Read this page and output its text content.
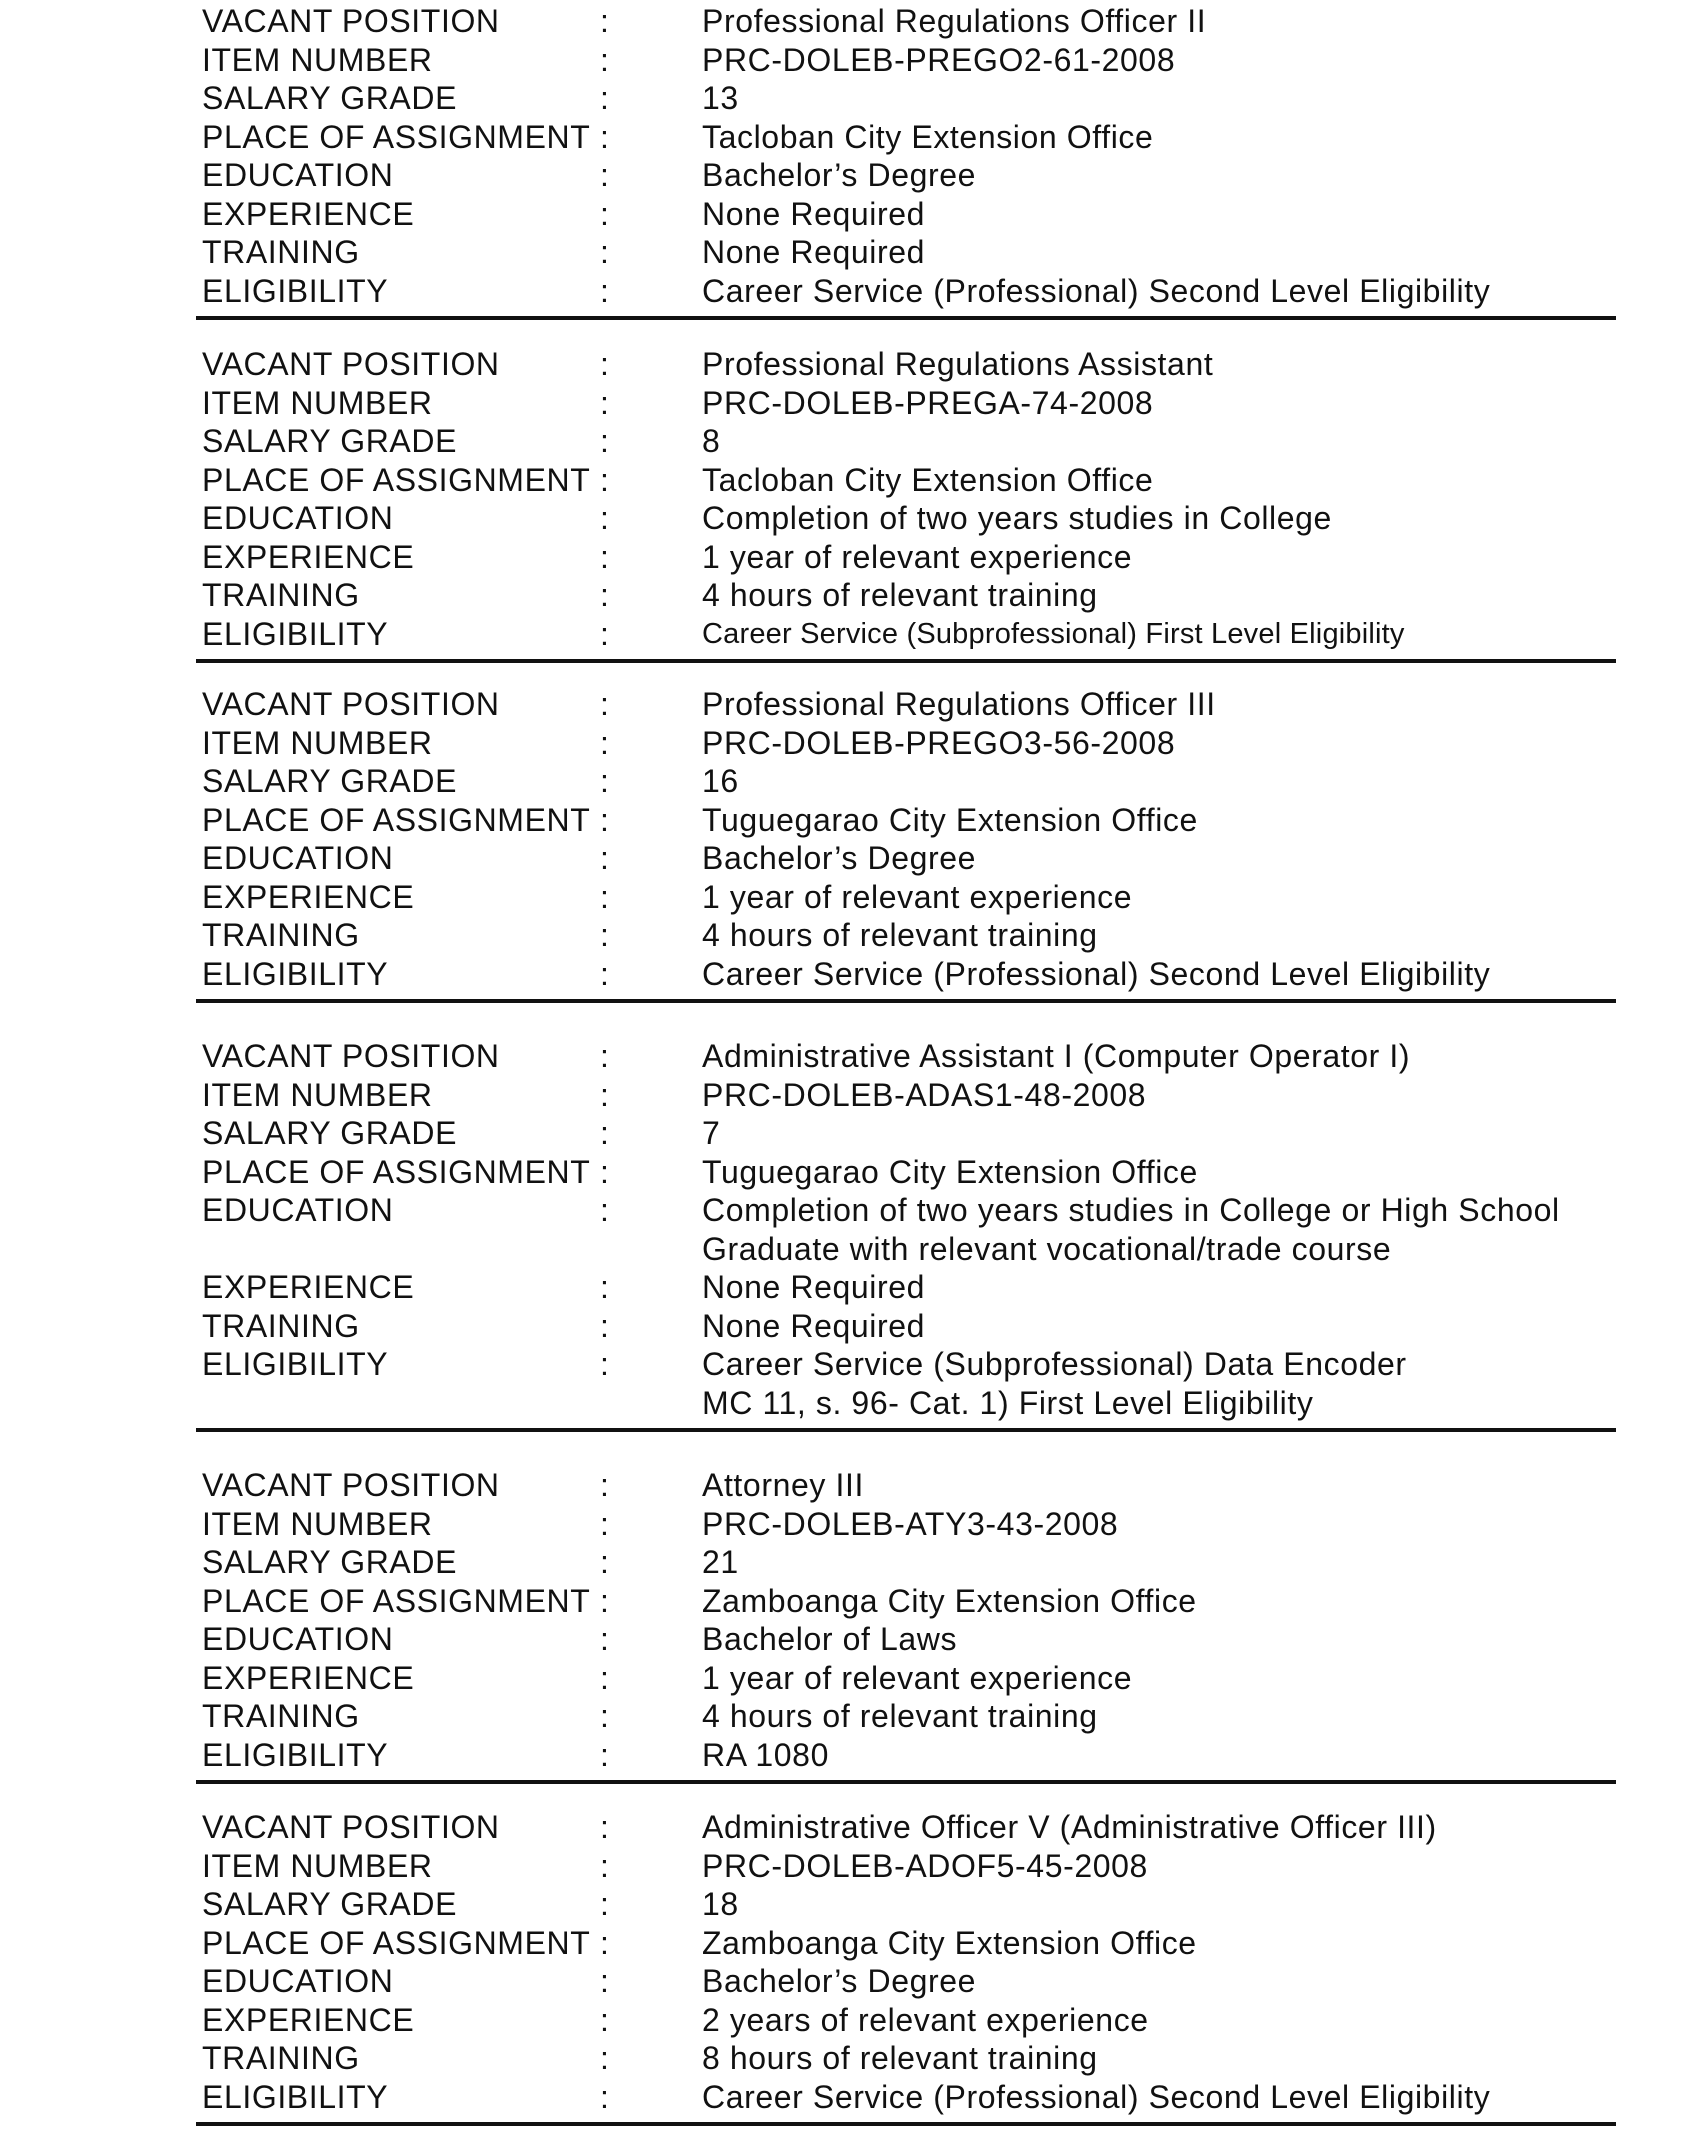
VACANT POSITION	:	Professional Regulations Officer II
ITEM NUMBER	:	PRC-DOLEB-PREGO2-61-2008
SALARY GRADE	:	13
PLACE OF ASSIGNMENT :	Tacloban City Extension Office
EDUCATION	:	Bachelor’s Degree
EXPERIENCE	:	None Required
TRAINING	:	None Required
ELIGIBILITY	:	Career Service (Professional) Second Level Eligibility
VACANT POSITION	:	Professional Regulations Assistant
ITEM NUMBER	:	PRC-DOLEB-PREGA-74-2008
SALARY GRADE	:	8
PLACE OF ASSIGNMENT :	Tacloban City Extension Office
EDUCATION	:	Completion of two years studies in College
EXPERIENCE	:	1 year of relevant experience
TRAINING	:	4 hours of relevant training
ELIGIBILITY	:	Career Service (Subprofessional) First Level Eligibility
VACANT POSITION	:	Professional Regulations Officer III
ITEM NUMBER	:	PRC-DOLEB-PREGO3-56-2008
SALARY GRADE	:	16
PLACE OF ASSIGNMENT :	Tuguegarao City Extension Office
EDUCATION	:	Bachelor’s Degree
EXPERIENCE	:	1 year of relevant experience
TRAINING	:	4 hours of relevant training
ELIGIBILITY	:	Career Service (Professional) Second Level Eligibility
VACANT POSITION	:	Administrative Assistant I (Computer Operator I)
ITEM NUMBER	:	PRC-DOLEB-ADAS1-48-2008
SALARY GRADE	:	7
PLACE OF ASSIGNMENT :	Tuguegarao City Extension Office
EDUCATION	:	Completion of two years studies in College or High School
Graduate with relevant vocational/trade course
EXPERIENCE	:	None Required
TRAINING	:	None Required
ELIGIBILITY	:	Career Service (Subprofessional) Data Encoder
MC 11, s. 96- Cat. 1) First Level Eligibility
VACANT POSITION	:	Attorney III
ITEM NUMBER	:	PRC-DOLEB-ATY3-43-2008
SALARY GRADE	:	21
PLACE OF ASSIGNMENT :	Zamboanga City Extension Office
EDUCATION	:	Bachelor of Laws
EXPERIENCE	:	1 year of relevant experience
TRAINING	:	4 hours of relevant training
ELIGIBILITY	:	RA 1080
VACANT POSITION	:	Administrative Officer V (Administrative Officer III)
ITEM NUMBER	:	PRC-DOLEB-ADOF5-45-2008
SALARY GRADE	:	18
PLACE OF ASSIGNMENT :	Zamboanga City Extension Office
EDUCATION	:	Bachelor’s Degree
EXPERIENCE	:	2 years of relevant experience
TRAINING	:	8 hours of relevant training
ELIGIBILITY	:	Career Service (Professional) Second Level Eligibility
